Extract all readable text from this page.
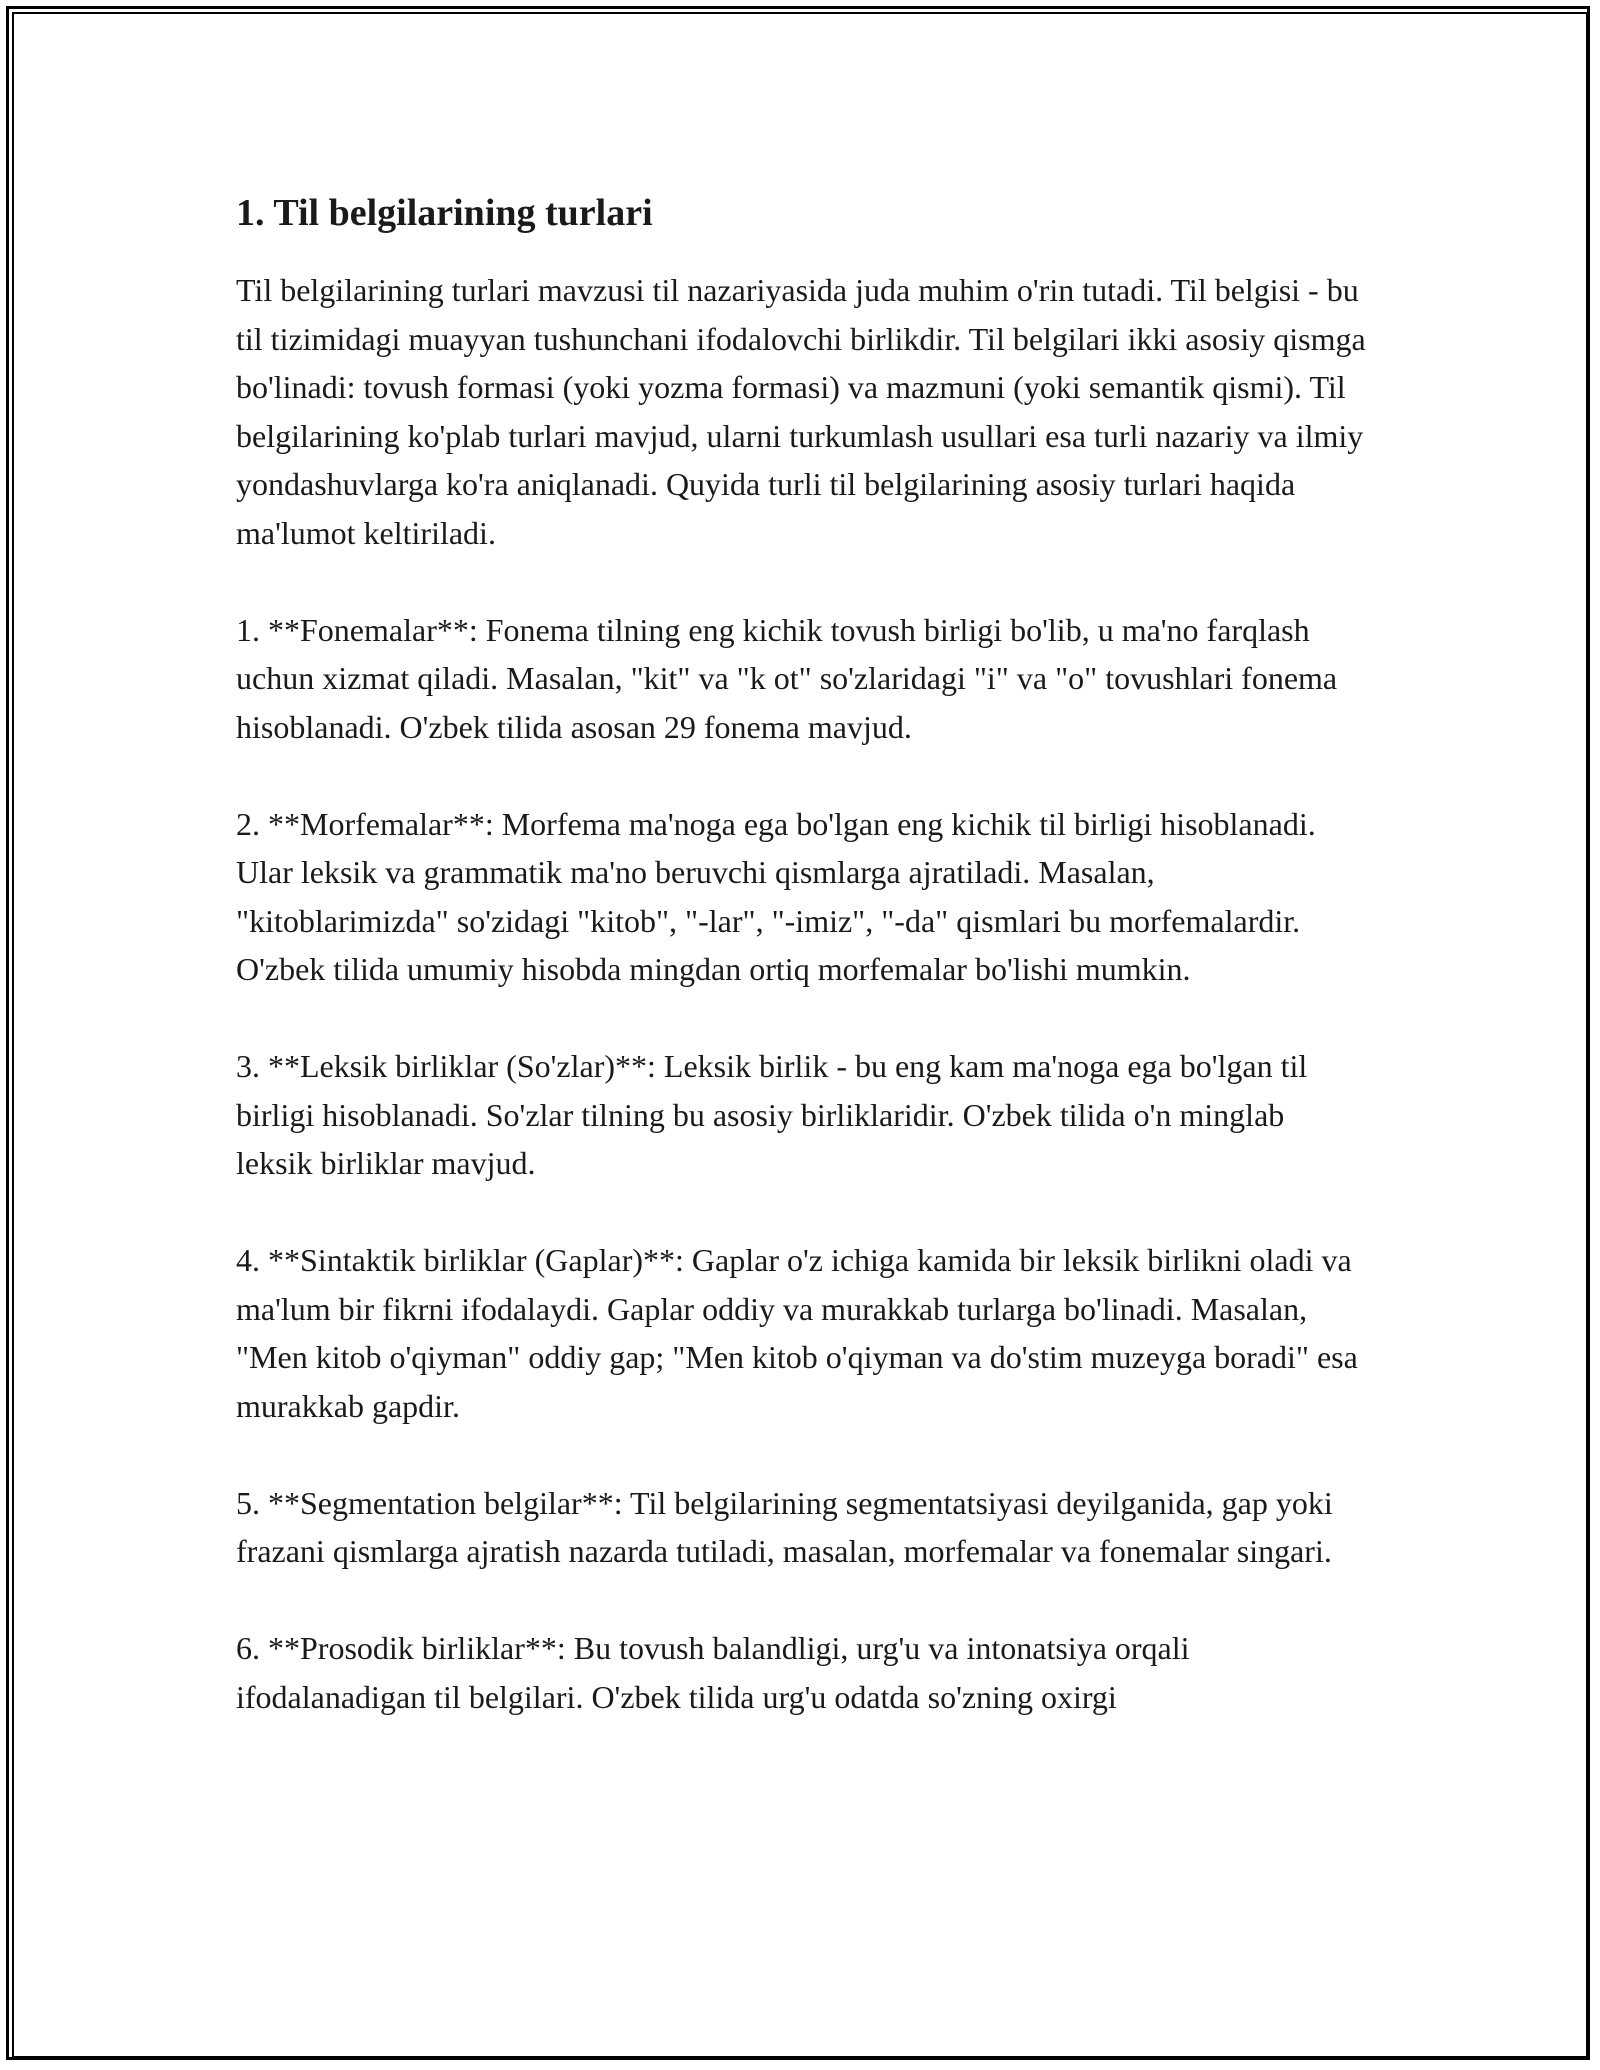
1. Til belgilarining turlari

Til belgilarining turlari mavzusi til nazariyasida juda muhim o'rin tutadi. Til belgisi - bu til tizimidagi muayyan tushunchani ifodalovchi birlikdir. Til belgilari ikki asosiy qismga bo'linadi: tovush formasi (yoki yozma formasi) va mazmuni (yoki semantik qismi). Til belgilarining ko'plab turlari mavjud, ularni turkumlash usullari esa turli nazariy va ilmiy yondashuvlarga ko'ra aniqlanadi. Quyida turli til belgilarining asosiy turlari haqida ma'lumot keltiriladi.

1. **Fonemalar**: Fonema tilning eng kichik tovush birligi bo'lib, u ma'no farqlash uchun xizmat qiladi. Masalan, "kit" va "k ot" so'zlaridagi "i" va "o" tovushlari fonema hisoblanadi. O'zbek tilida asosan 29 fonema mavjud.

2. **Morfemalar**: Morfema ma'noga ega bo'lgan eng kichik til birligi hisoblanadi. Ular leksik va grammatik ma'no beruvchi qismlarga ajratiladi. Masalan, "kitoblarimizda" so'zidagi "kitob", "-lar", "-imiz", "-da" qismlari bu morfemalardir. O'zbek tilida umumiy hisobda mingdan ortiq morfemalar bo'lishi mumkin.

3. **Leksik birliklar (So'zlar)**: Leksik birlik - bu eng kam ma'noga ega bo'lgan til birligi hisoblanadi. So'zlar tilning bu asosiy birliklaridir. O'zbek tilida o'n minglab leksik birliklar mavjud.

4. **Sintaktik birliklar (Gaplar)**: Gaplar o'z ichiga kamida bir leksik birlikni oladi va ma'lum bir fikrni ifodalaydi. Gaplar oddiy va murakkab turlarga bo'linadi. Masalan, "Men kitob o'qiyman" oddiy gap; "Men kitob o'qiyman va do'stim muzeyga boradi" esa murakkab gapdir.

5. **Segmentation belgilar**: Til belgilarining segmentatsiyasi deyilganida, gap yoki frazani qismlarga ajratish nazarda tutiladi, masalan, morfemalar va fonemalar singari.

6. **Prosodik birliklar**: Bu tovush balandligi, urg'u va intonatsiya orqali ifodalanadigan til belgilari. O'zbek tilida urg'u odatda so'zning oxirgi
